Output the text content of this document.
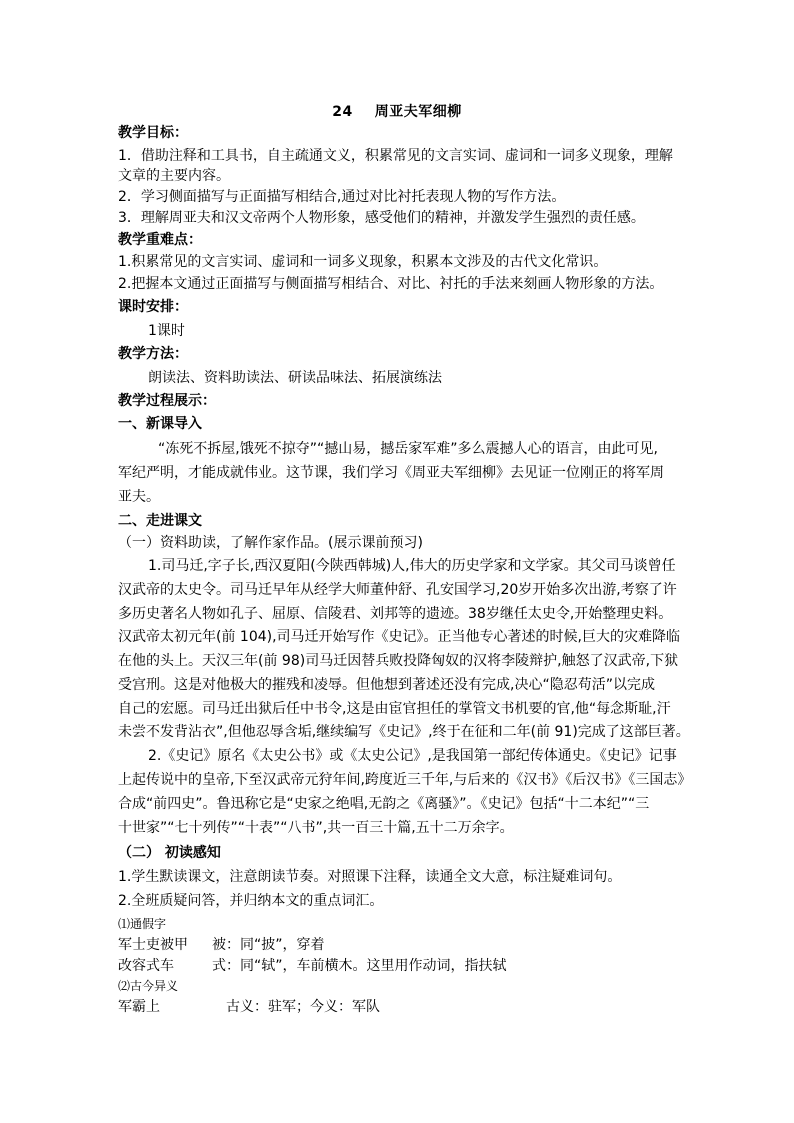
24 周亚夫军细柳
教学目标：
1．借助注释和工具书，自主疏通文义，积累常见的文言实词、虚词和一词多义现象，理解
文章的主要内容。
2．学习侧面描写与正面描写相结合,通过对比衬托表现人物的写作方法。
3．理解周亚夫和汉文帝两个人物形象，感受他们的精神，并激发学生强烈的责任感。
教学重难点：
1.积累常见的文言实词、虚词和一词多义现象，积累本文涉及的古代文化常识。
2.把握本文通过正面描写与侧面描写相结合、对比、衬托的手法来刻画人物形象的方法。
课时安排：
1课时
教学方法：
朗读法、资料助读法、研读品味法、拓展演练法
教学过程展示：
一、新课导入
“冻死不拆屋,饿死不掠夺”“撼山易，撼岳家军难”多么震撼人心的语言，由此可见,
军纪严明，才能成就伟业。这节课，我们学习《周亚夫军细柳》去见证一位刚正的将军周
亚夫。
二、走进课文
（一）资料助读，了解作家作品。(展示课前预习)
1.司马迁,字子长,西汉夏阳(今陕西韩城)人,伟大的历史学家和文学家。其父司马谈曾任
汉武帝的太史令。司马迁早年从经学大师董仲舒、孔安国学习,20岁开始多次出游,考察了许
多历史著名人物如孔子、屈原、信陵君、刘邦等的遗迹。38岁继任太史令,开始整理史料。
汉武帝太初元年(前 104),司马迁开始写作《史记》。正当他专心著述的时候,巨大的灾难降临
在他的头上。天汉三年(前 98)司马迁因替兵败投降匈奴的汉将李陵辩护,触怒了汉武帝,下狱
受宫刑。这是对他极大的摧残和凌辱。但他想到著述还没有完成,决心“隐忍苟活”以完成
自己的宏愿。司马迁出狱后任中书令,这是由宦官担任的掌管文书机要的官,他“每念斯耻,汗
未尝不发背沾衣”,但他忍辱含垢,继续编写《史记》,终于在征和二年(前 91)完成了这部巨著。
2.《史记》原名《太史公书》或《太史公记》,是我国第一部纪传体通史。《史记》记事
上起传说中的皇帝,下至汉武帝元狩年间,跨度近三千年,与后来的《汉书》《后汉书》《三国志》
合成“前四史”。鲁迅称它是“史家之绝唱,无韵之《离骚》”。《史记》包括“十二本纪”“三
十世家”“七十列传”“十表”“八书”,共一百三十篇,五十二万余字。
（二） 初读感知
1.学生默读课文，注意朗读节奏。对照课下注释，读通全文大意，标注疑难词句。
2.全班质疑问答，并归纳本文的重点词汇。
⑴通假字
军士吏被甲 被：同“披”，穿着
改容式车	式：同“轼”，车前横木。这里用作动词，指扶轼
⑵古今异义
军霸上	古义：驻军；今义：军队
